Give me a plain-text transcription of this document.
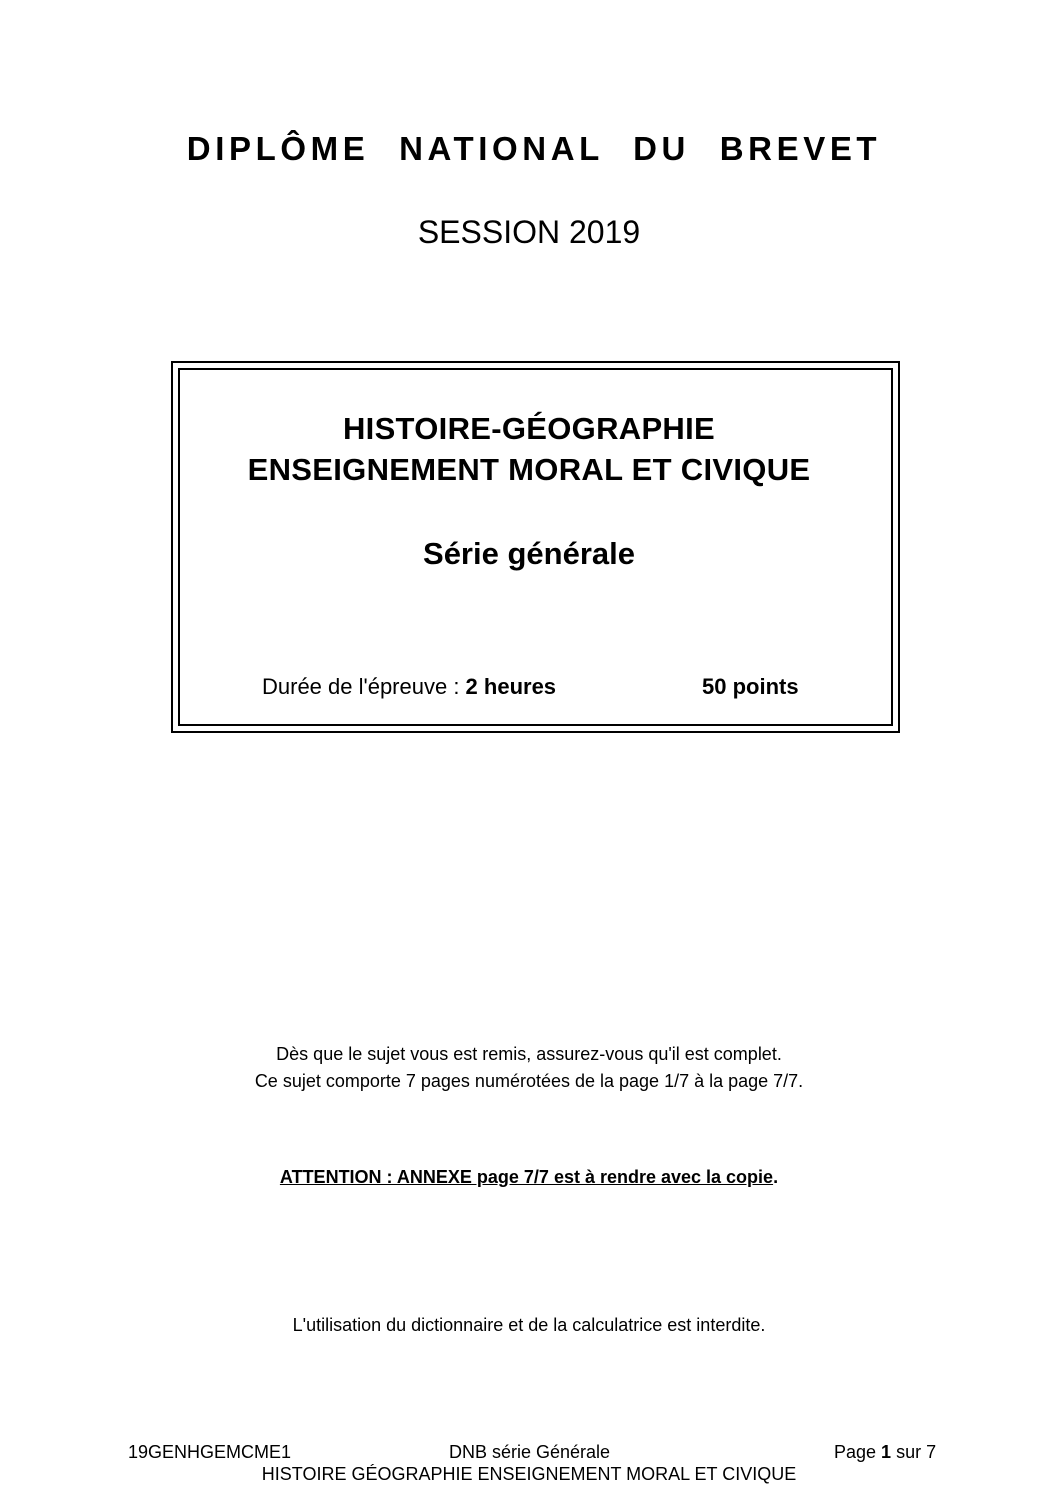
DIPLÔME NATIONAL DU BREVET
SESSION 2019
HISTOIRE-GÉOGRAPHIE
ENSEIGNEMENT MORAL ET CIVIQUE
Série générale
Durée de l'épreuve : 2 heures	50 points
Dès que le sujet vous est remis, assurez-vous qu'il est complet.
Ce sujet comporte 7 pages numérotées de la page 1/7 à la page 7/7.
ATTENTION : ANNEXE page 7/7 est à rendre avec la copie.
L'utilisation du dictionnaire et de la calculatrice est interdite.
19GENHGEMCME1	DNB série Générale	Page 1 sur 7
HISTOIRE GÉOGRAPHIE ENSEIGNEMENT MORAL ET CIVIQUE
